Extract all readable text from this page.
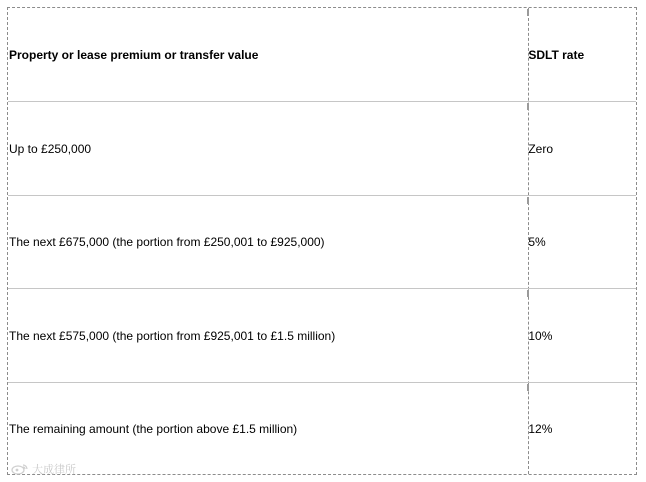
Property or lease premium or transfer value	SDLT rate
Up to £250,000	Zero
The next £675,000 (the portion from £250,001 to £925,000)	5%
The next £575,000 (the portion from £925,001 to £1.5 million)	10%
The remaining amount (the portion above £1.5 million)	12%
大成律所
